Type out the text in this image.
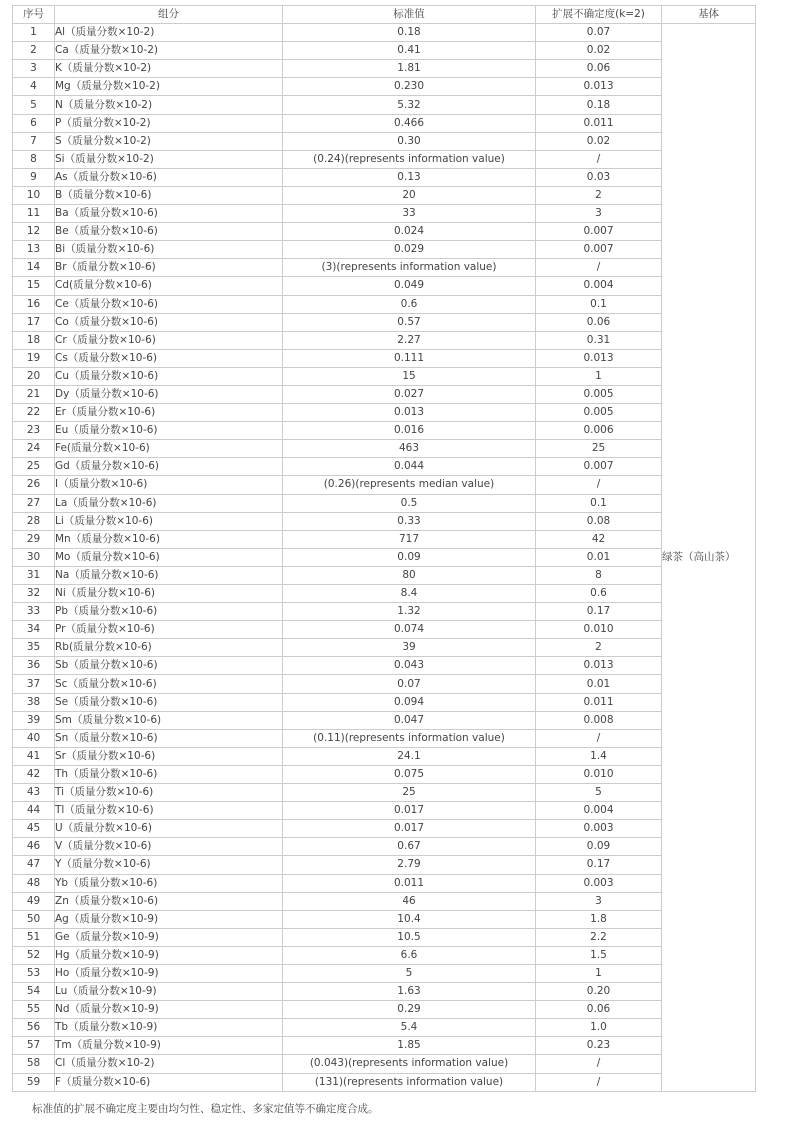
序号	组分	标准值	扩展不确定度(k=2)	基体
1	Al（质量分数×10-2)	0.18	0.07	绿茶（高山茶）
2	Ca（质量分数×10-2)	0.41	0.02	
3	K（质量分数×10-2)	1.81	0.06	
4	Mg（质量分数×10-2)	0.230	0.013	
5	N（质量分数×10-2)	5.32	0.18	
6	P（质量分数×10-2)	0.466	0.011	
7	S（质量分数×10-2)	0.30	0.02	
8	Si（质量分数×10-2)	(0.24)(represents information value)	/	
9	As（质量分数×10-6)	0.13	0.03	
10	B（质量分数×10-6)	20	2	
11	Ba（质量分数×10-6)	33	3	
12	Be（质量分数×10-6)	0.024	0.007	
13	Bi（质量分数×10-6)	0.029	0.007	
14	Br（质量分数×10-6)	(3)(represents information value)	/	
15	Cd(质量分数×10-6)	0.049	0.004	
16	Ce（质量分数×10-6)	0.6	0.1	
17	Co（质量分数×10-6)	0.57	0.06	
18	Cr（质量分数×10-6)	2.27	0.31	
19	Cs（质量分数×10-6)	0.111	0.013	
20	Cu（质量分数×10-6)	15	1	
21	Dy（质量分数×10-6)	0.027	0.005	
22	Er（质量分数×10-6)	0.013	0.005	
23	Eu（质量分数×10-6)	0.016	0.006	
24	Fe(质量分数×10-6)	463	25	
25	Gd（质量分数×10-6)	0.044	0.007	
26	I（质量分数×10-6)	(0.26)(represents median value)	/	
27	La（质量分数×10-6)	0.5	0.1	
28	Li（质量分数×10-6)	0.33	0.08	
29	Mn（质量分数×10-6)	717	42	
30	Mo（质量分数×10-6)	0.09	0.01	
31	Na（质量分数×10-6)	80	8	
32	Ni（质量分数×10-6)	8.4	0.6	
33	Pb（质量分数×10-6)	1.32	0.17	
34	Pr（质量分数×10-6)	0.074	0.010	
35	Rb(质量分数×10-6)	39	2	
36	Sb（质量分数×10-6)	0.043	0.013	
37	Sc（质量分数×10-6)	0.07	0.01	
38	Se（质量分数×10-6)	0.094	0.011	
39	Sm（质量分数×10-6)	0.047	0.008	
40	Sn（质量分数×10-6)	(0.11)(represents information value)	/	
41	Sr（质量分数×10-6)	24.1	1.4	
42	Th（质量分数×10-6)	0.075	0.010	
43	Ti（质量分数×10-6)	25	5	
44	Tl（质量分数×10-6)	0.017	0.004	
45	U（质量分数×10-6)	0.017	0.003	
46	V（质量分数×10-6)	0.67	0.09	
47	Y（质量分数×10-6)	2.79	0.17	
48	Yb（质量分数×10-6)	0.011	0.003	
49	Zn（质量分数×10-6)	46	3	
50	Ag（质量分数×10-9)	10.4	1.8	
51	Ge（质量分数×10-9)	10.5	2.2	
52	Hg（质量分数×10-9)	6.6	1.5	
53	Ho（质量分数×10-9)	5	1	
54	Lu（质量分数×10-9)	1.63	0.20	
55	Nd（质量分数×10-9)	0.29	0.06	
56	Tb（质量分数×10-9)	5.4	1.0	
57	Tm（质量分数×10-9)	1.85	0.23	
58	Cl（质量分数×10-2)	(0.043)(represents information value)	/	
59	F（质量分数×10-6)	(131)(represents information value)	/	
标准值的扩展不确定度主要由均匀性、稳定性、多家定值等不确定度合成。
